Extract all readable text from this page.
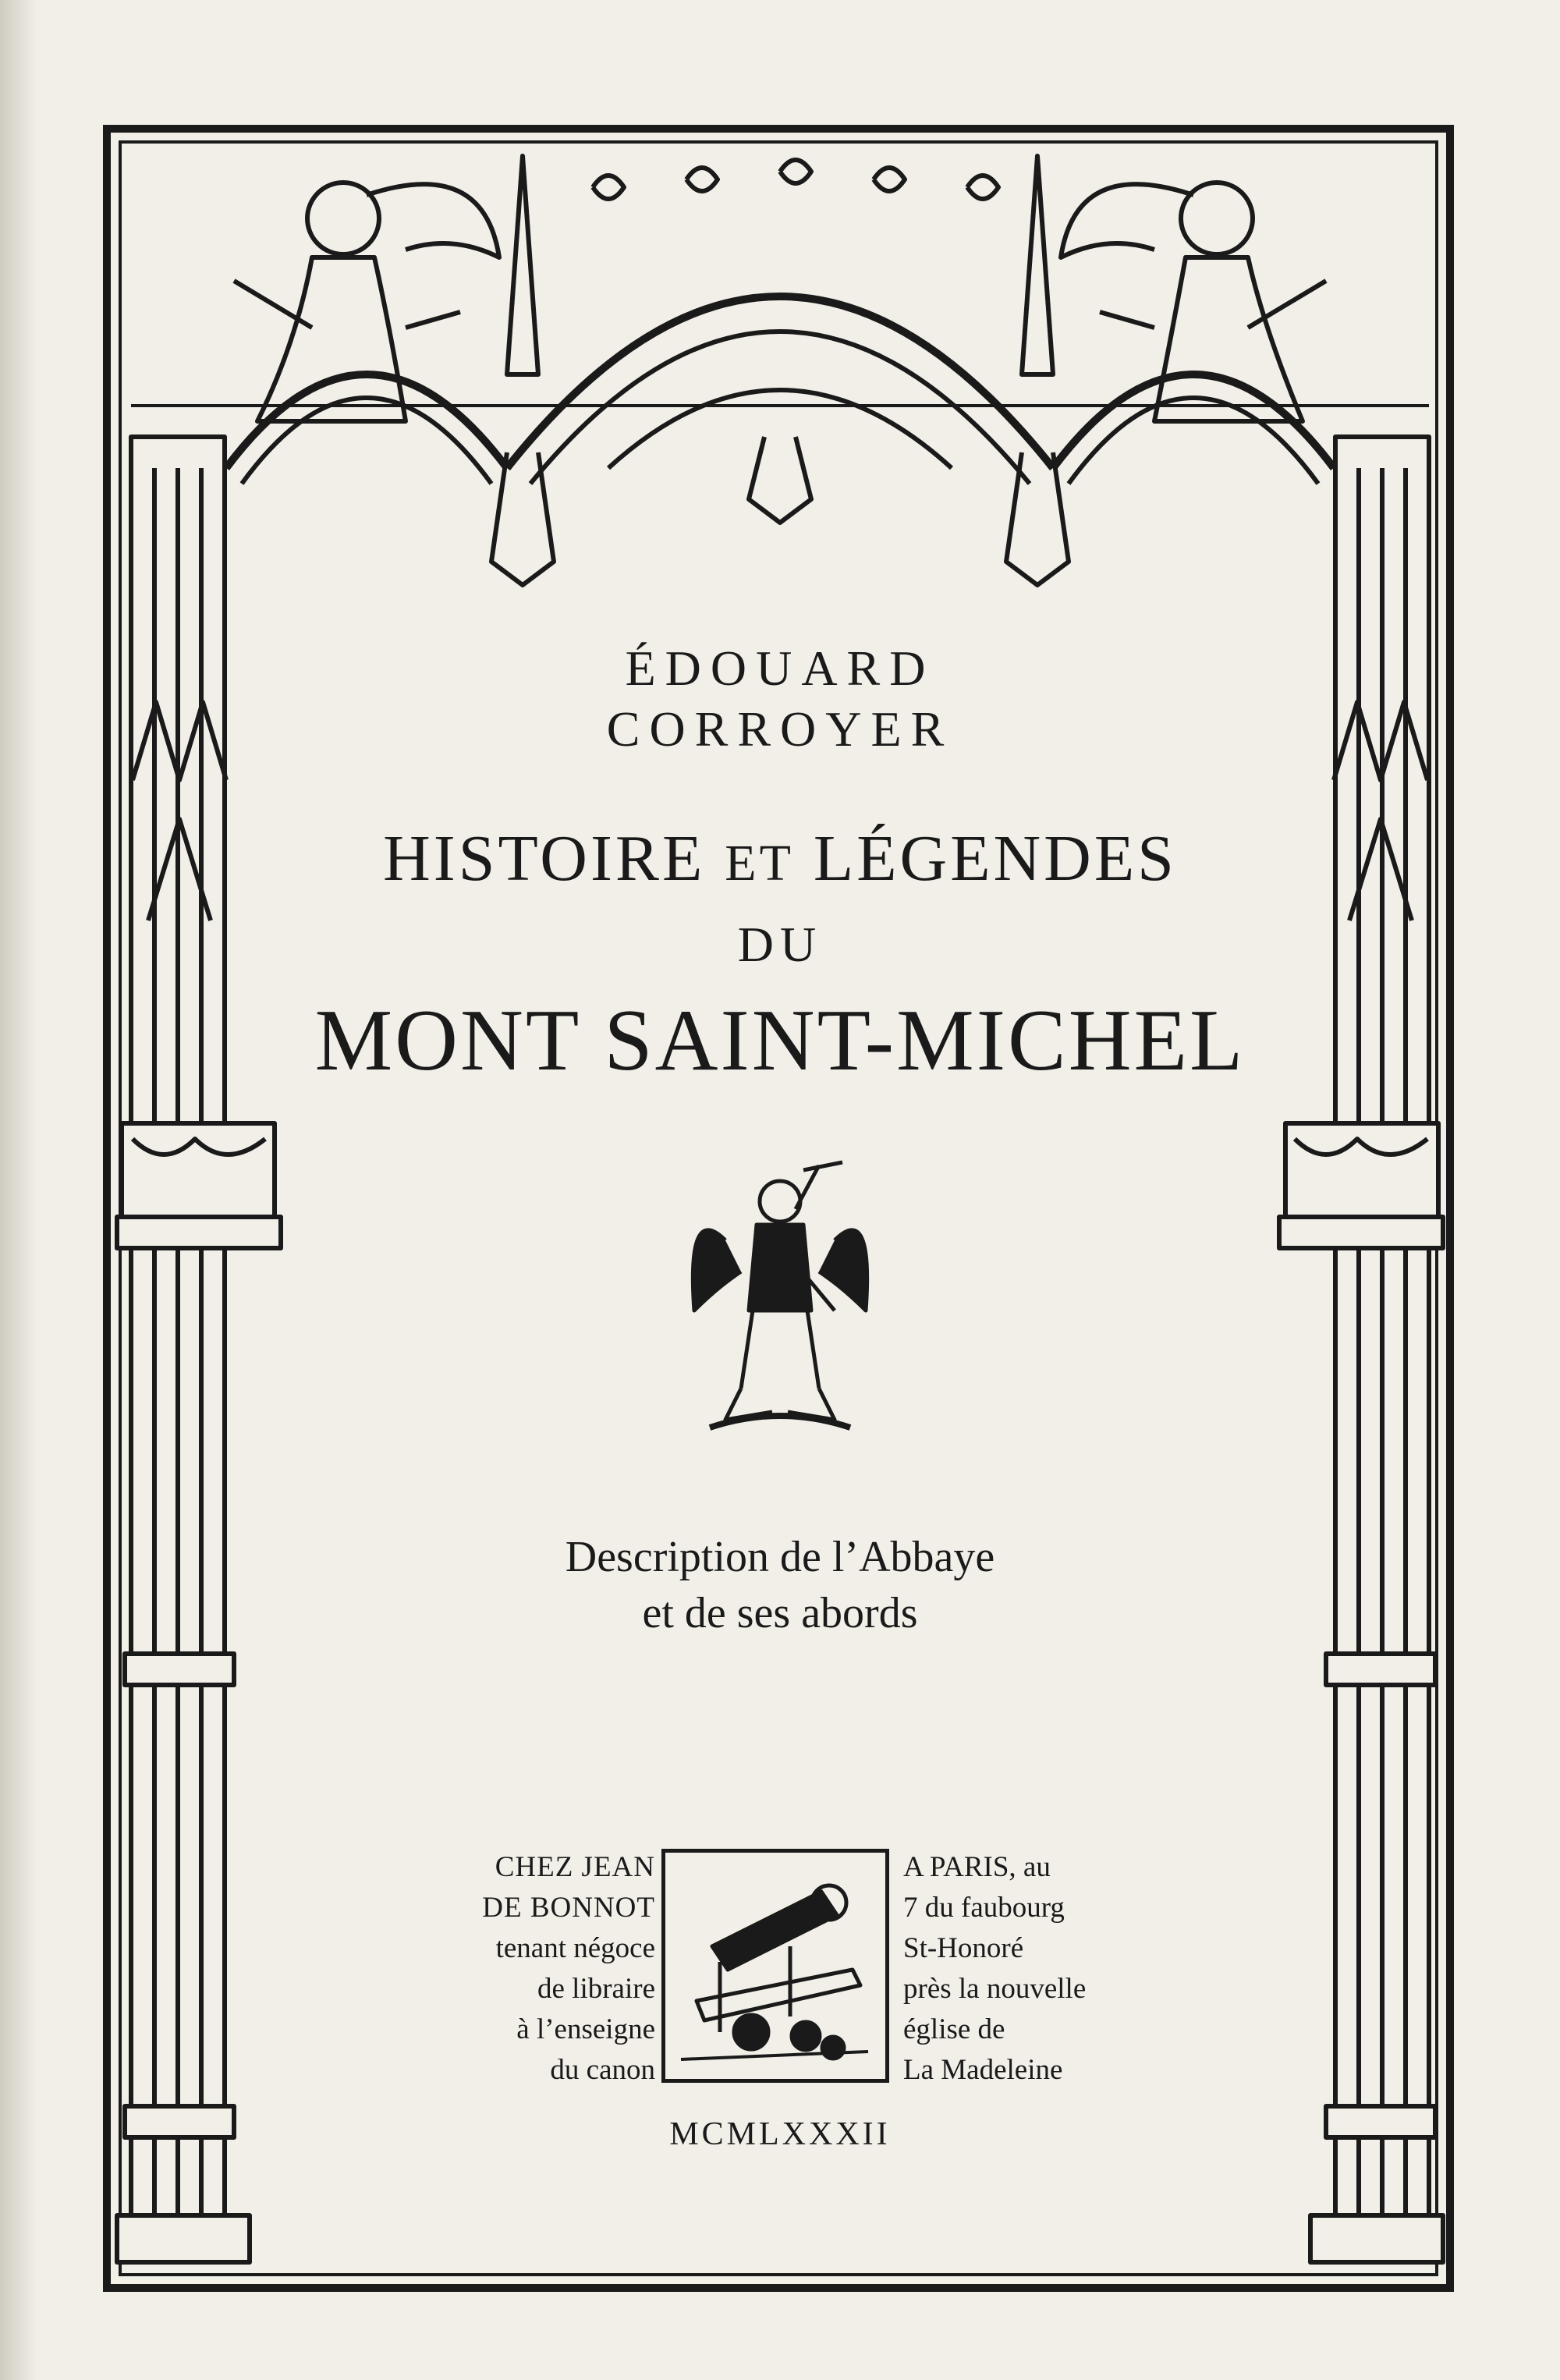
ÉDOUARD
CORROYER
HISTOIRE ET LÉGENDES
DU
MONT SAINT-MICHEL
Description de l’Abbaye
et de ses abords
CHEZ JEAN
DE BONNOT
tenant négoce
de libraire
à l’enseigne
du canon
A PARIS, au
7 du faubourg
St-Honoré
près la nouvelle
église de
La Madeleine
MCMLXXXII
